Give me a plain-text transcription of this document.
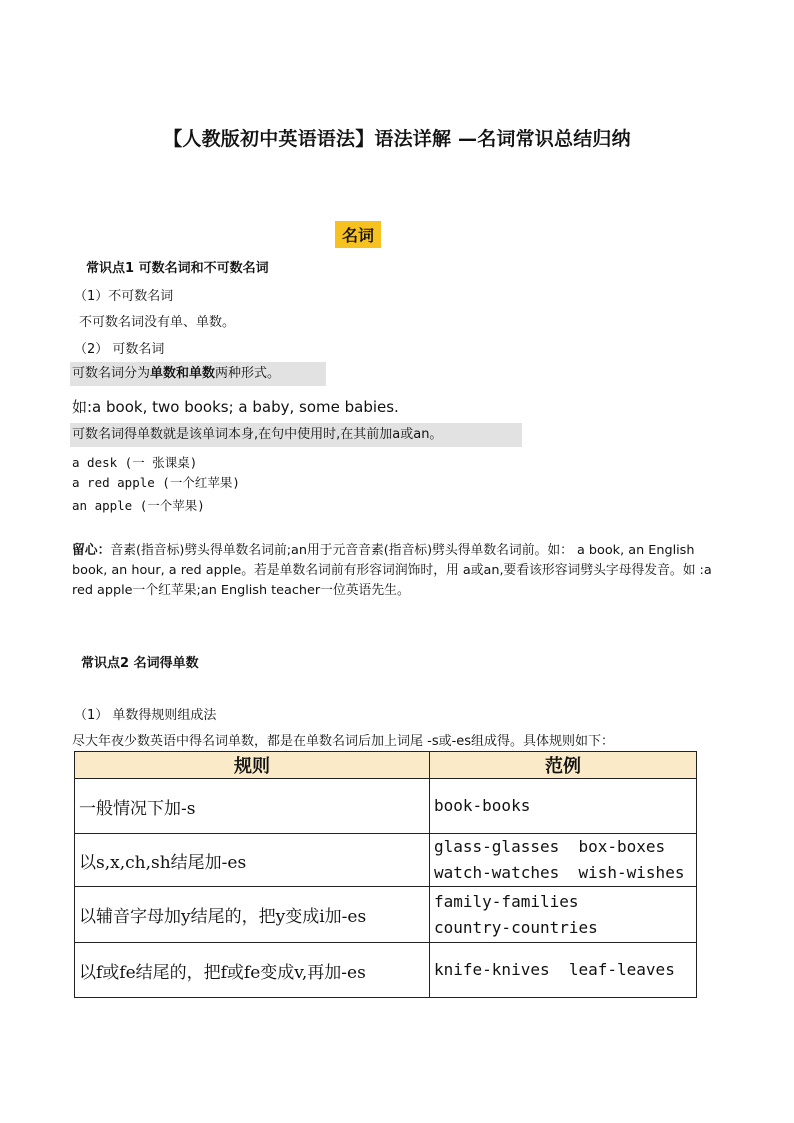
【人教版初中英语语法】语法详解 —名词常识总结归纳
名词
常识点1 可数名词和不可数名词
（1）不可数名词
不可数名词没有单、单数。
（2） 可数名词
可数名词分为单数和单数两种形式。
如:a book, two books; a baby, some babies.
可数名词得单数就是该单词本身,在句中使用时,在其前加a或an。
a desk (一 张课桌)
a red apple (一个红苹果)
an apple (一个苹果)
留心：音素(指音标)劈头得单数名词前;an用于元音音素(指音标)劈头得单数名词前。如： a book, an English book, an hour, a red apple。若是单数名词前有形容词润饰时，用 a或an,要看该形容词劈头字母得发音。如 :a red apple一个红苹果;an English teacher一位英语先生。
常识点2 名词得单数
（1） 单数得规则组成法
尽大年夜少数英语中得名词单数，都是在单数名词后加上词尾 -s或-es组成得。具体规则如下：
规则	范例
一般情况下加-s	book-books

以s,x,ch,sh结尾加-es	glass-glasses  box-boxes
watch-watches  wish-wishes

以辅音字母加y结尾的，把y变成i加-es	family-families
country-countries

以f或fe结尾的，把f或fe变成v,再加-es	knife-knives  leaf-leaves
